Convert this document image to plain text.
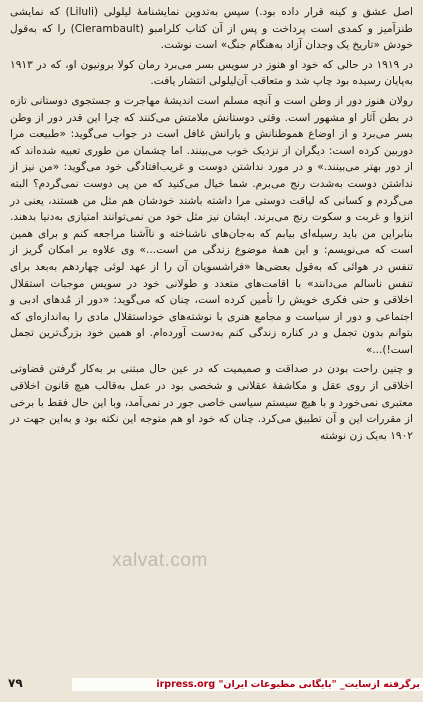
اصل عشق و کینه قرار داده بود.) سپس به‌تدوین نمایشنامهٔ لیلولی (Liluli) که نمایشی طنزآمیز و کمدی است پرداخت و پس از آن کتاب کلرامبو (Clerambault) را که به‌قول خودش «تاریخ یک وجدان آزاد به‌هنگام جنگ» است نوشت.

در ۱۹۱۹ در حالی که خود او هنوز در سویس بسر می‌برد رمان کولا برونیون او، که در ۱۹۱۳ به‌پایان رسیده بود چاپ شد و متعاقب آن‌لیلولی انتشار یافت.

رولان هنوز دور از وطن است و آنچه مسلم است اندیشهٔ مهاجرت و جستجوی دوستانی تازه در بطن آثار او مشهور است. وقتی دوستانش ملامتش می‌کنند که چرا این قدر دور از وطن بسر می‌برد و از اوضاع هموطنانش و یارانش غافل است در جواب می‌گوید: «طبیعت مرا دوربین کرده است: دیگران از نزدیک خوب می‌بینند. اما چشمان من طوری تعبیه شده‌اند که از دور بهتر می‌بینند.» و در مورد نداشتن دوست و غریب‌افتادگی خود می‌گوید: «من نیز از نداشتن دوست به‌شدت رنج می‌برم. شما خیال می‌کنید که من پی دوست نمی‌گردم؟ البته می‌گردم و کسانی که لیاقت دوستی مرا داشته باشند خودشان هم مثل من هستند، یعنی در انزوا و غربت و سکوت رنج می‌برند. ایشان نیز مثل خود من نمی‌توانند امتیازی به‌دنیا بدهند. بنابراین من باید رسیله‌ای بیابم که به‌جان‌های ناشناخته و ناآشنا مراجعه کنم و برای همین است که می‌نویسم: و این همهٔ موضوع زندگی من است...» وی علاوه بر امکان گریز از تنفس در هوائی که به‌قول بعضی‌ها «فراشسویان آن را از عهد لوئی چهاردهم به‌بعد برای تنفس ناسالم می‌دانند» با اقامت‌های متعدد و طولانی خود در سویس موجبات استقلال اخلاقی و حتی فکری خویش را تأمین کرده است، چنان که می‌گوید: «دور از مُدهای ادبی و اجتماعی و دور از سیاست و مجامع هنری با نوشته‌های خوداستقلال مادی را به‌اندازه‌ای که بتوانم بدون تجمل و در کناره زندگی کنم به‌دست آورده‌ام. او همین خود بزرگ‌ترین تجمل است!)...»

و چنین راحت بودن در صداقت و صمیمیت که در عین حال مبتنی بر به‌کار گرفتن قضاوتی اخلاقی از روی عقل و مکاشفهٔ عقلانی و شخصی بود در عمل به‌قالب هیچ قانون اخلاقی معتبری نمی‌خورد و با هیچ سیستم سیاسی خاصی جور در نمی‌آمد، وبا این حال فقط با برخی از مقررات این و آن تطبیق می‌کرد. چنان که خود او هم متوجه این نکته بود و به‌این جهت در ۱۹۰۲ به‌یک زن نوشته

xalvat.com
۷۹	برگرفته ازسایت_ "بایگانی مطبوعات ایران" irpress.org
